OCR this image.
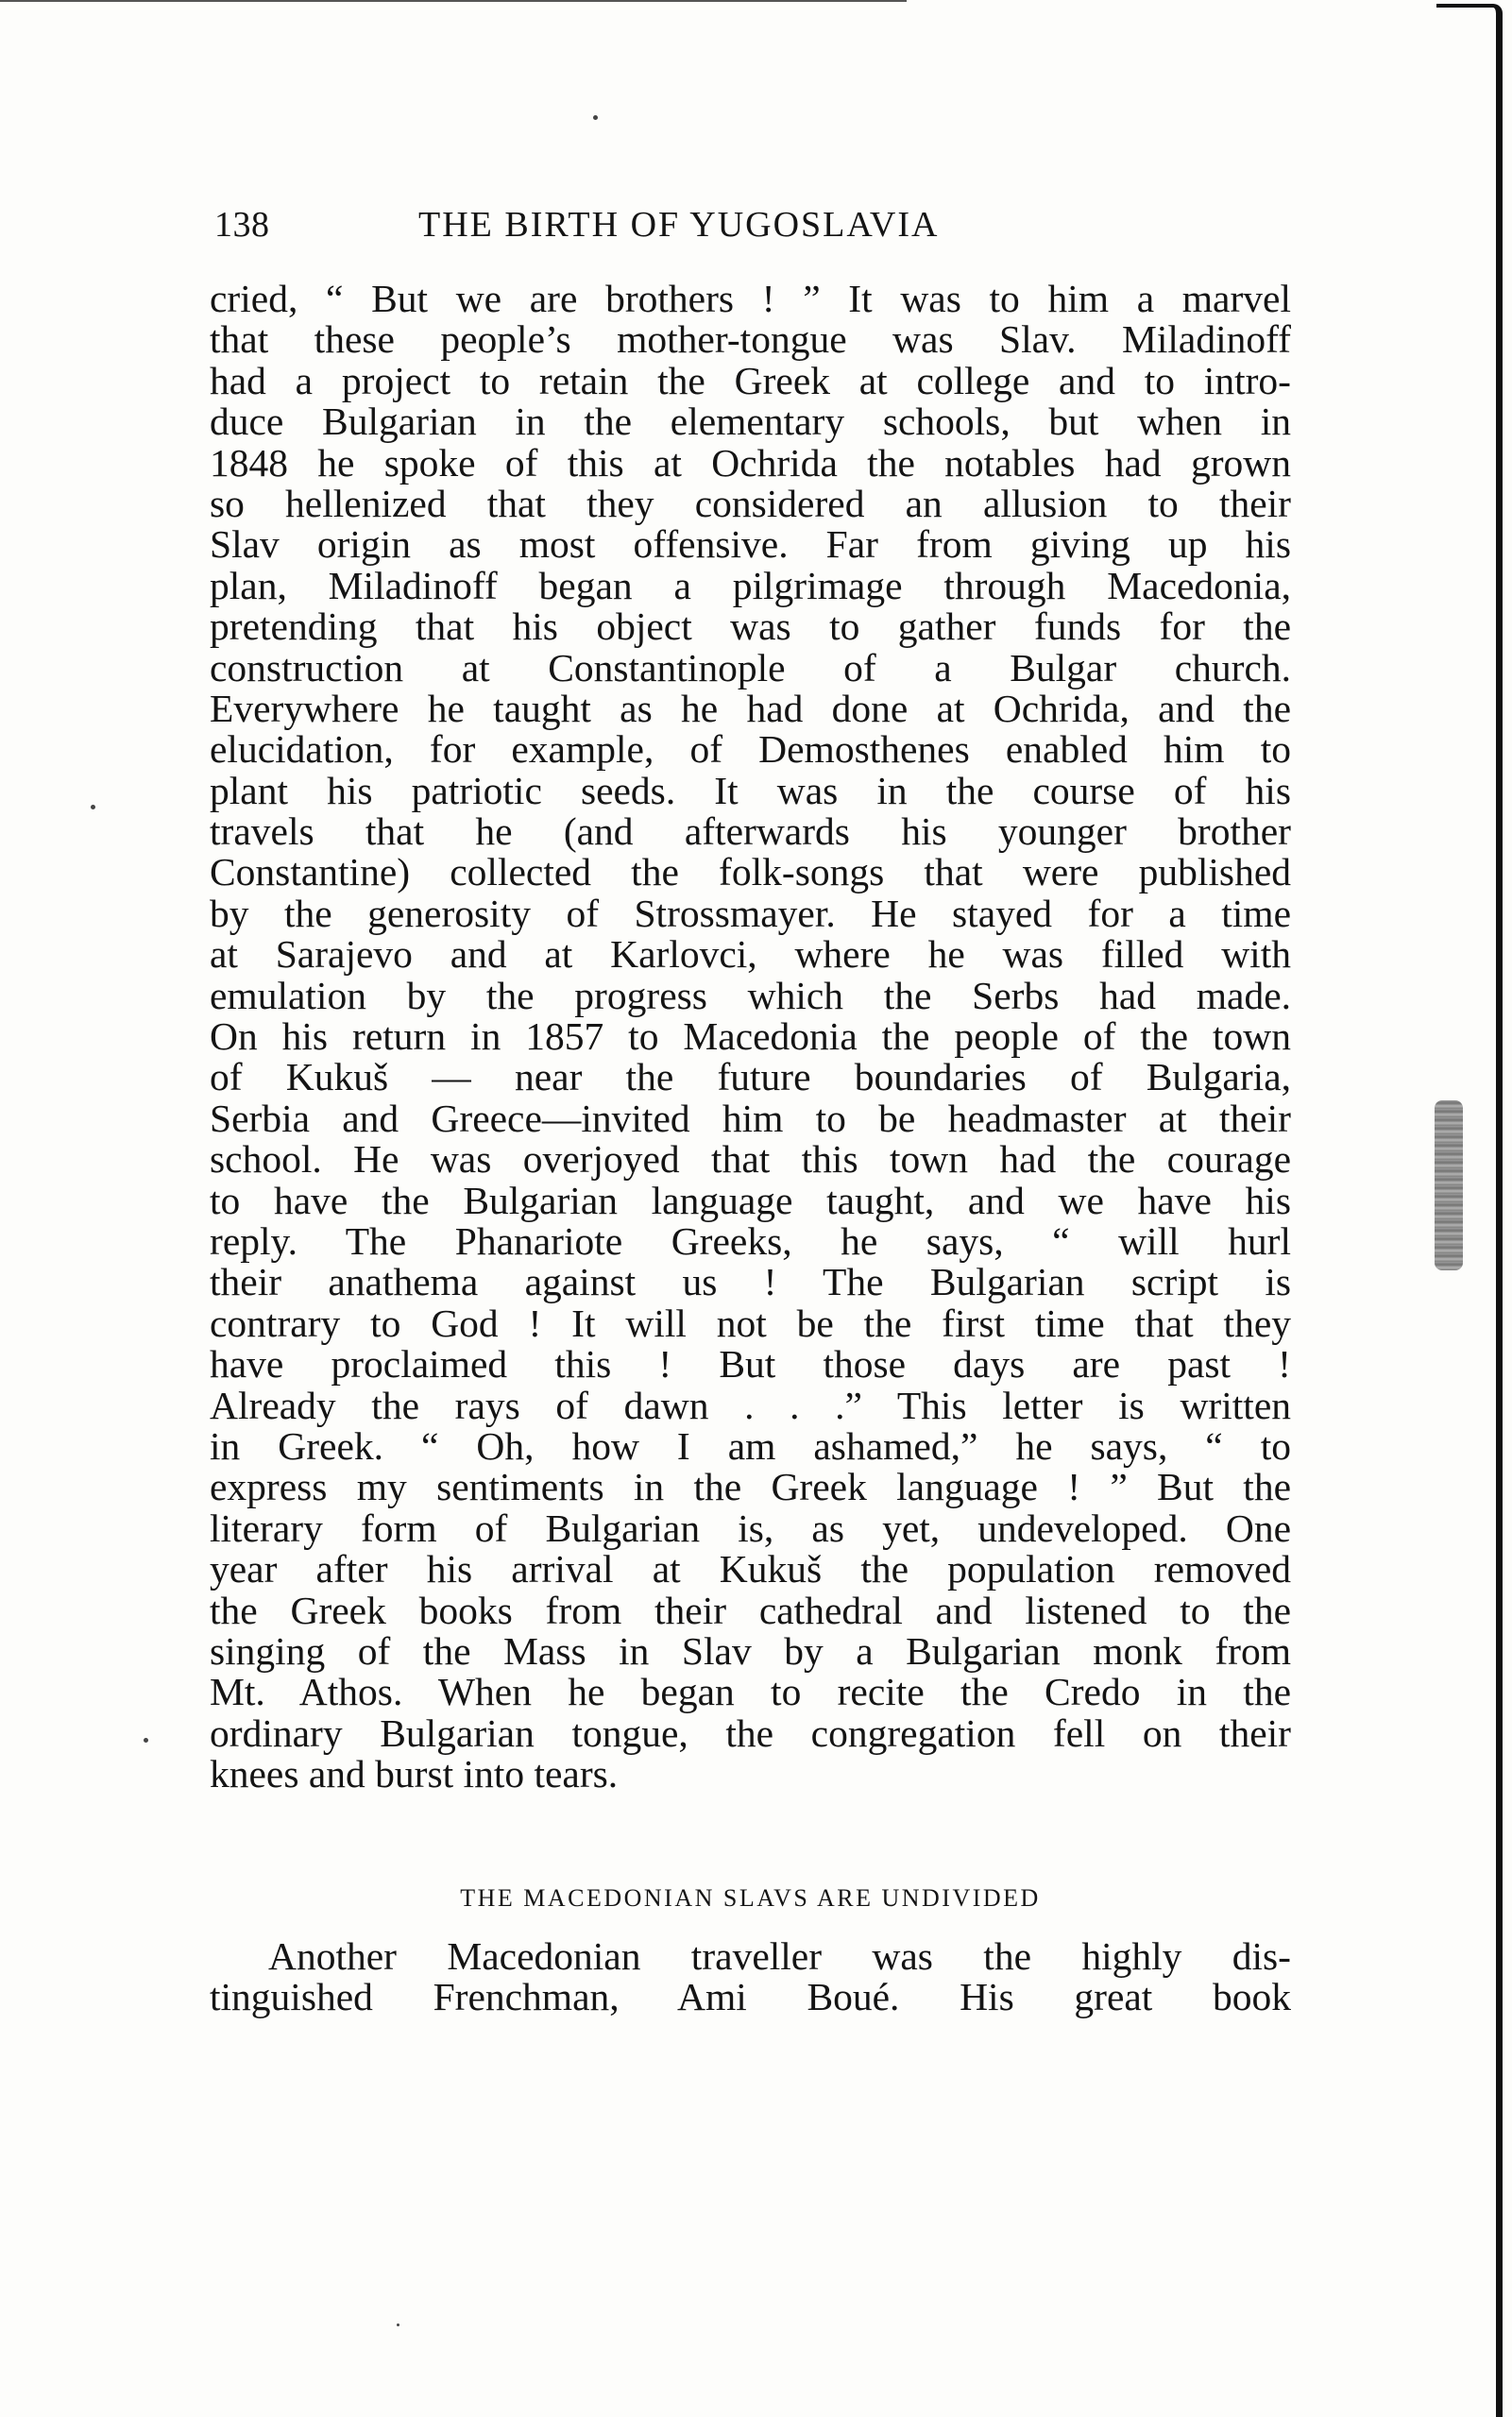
138	THE BIRTH OF YUGOSLAVIA
cried, “ But we are brothers ! ” It was to him a marvel
that these people’s mother-tongue was Slav. Miladinoff
had a project to retain the Greek at college and to intro-
duce Bulgarian in the elementary schools, but when in
1848 he spoke of this at Ochrida the notables had grown
so hellenized that they considered an allusion to their
Slav origin as most offensive. Far from giving up his
plan, Miladinoff began a pilgrimage through Macedonia,
pretending that his object was to gather funds for the
construction at Constantinople of a Bulgar church.
Everywhere he taught as he had done at Ochrida, and the
elucidation, for example, of Demosthenes enabled him to
plant his patriotic seeds. It was in the course of his
travels that he (and afterwards his younger brother
Constantine) collected the folk-songs that were published
by the generosity of Strossmayer. He stayed for a time
at Sarajevo and at Karlovci, where he was filled with
emulation by the progress which the Serbs had made.
On his return in 1857 to Macedonia the people of the town
of Kukuš — near the future boundaries of Bulgaria,
Serbia and Greece—invited him to be headmaster at their
school. He was overjoyed that this town had the courage
to have the Bulgarian language taught, and we have his
reply. The Phanariote Greeks, he says, “ will hurl
their anathema against us ! The Bulgarian script is
contrary to God ! It will not be the first time that they
have proclaimed this ! But those days are past !
Already the rays of dawn . . .” This letter is written
in Greek. “ Oh, how I am ashamed,” he says, “ to
express my sentiments in the Greek language ! ” But the
literary form of Bulgarian is, as yet, undeveloped. One
year after his arrival at Kukuš the population removed
the Greek books from their cathedral and listened to the
singing of the Mass in Slav by a Bulgarian monk from
Mt. Athos. When he began to recite the Credo in the
ordinary Bulgarian tongue, the congregation fell on their
knees and burst into tears.
THE MACEDONIAN SLAVS ARE UNDIVIDED
Another Macedonian traveller was the highly dis-
tinguished Frenchman, Ami Boué. His great book
